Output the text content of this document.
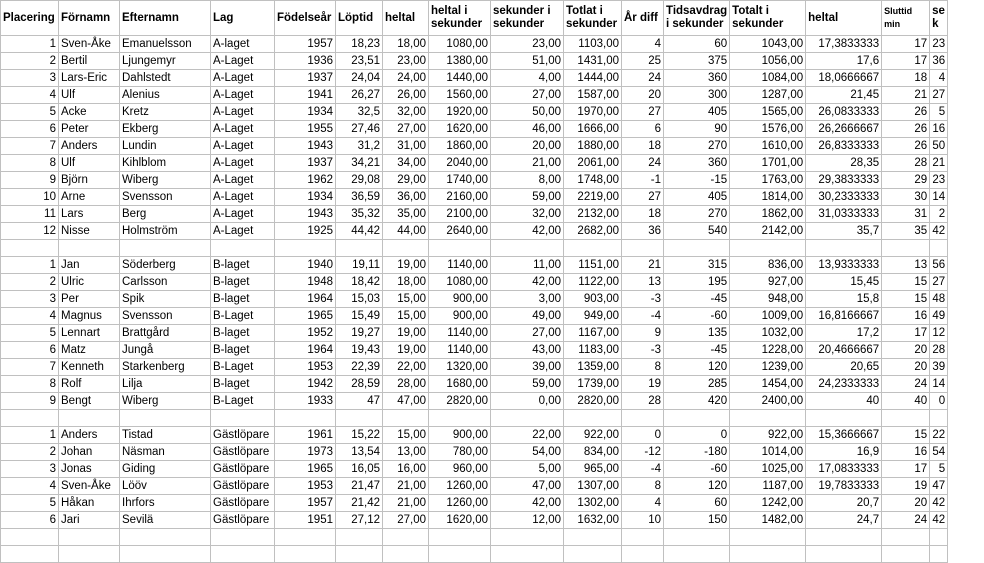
Placering	Förnamn	Efternamn	Lag	Födelseår	Löptid	heltal	heltal i sekunder	sekunder i sekunder	Totlat i sekunder	År diff	Tidsavdrag i sekunder	Totalt i sekunder	heltal	Sluttid min	se k
1	Sven-Åke	Emanuelsson	A-laget	1957	18,23	18,00	1080,00	23,00	1103,00	4	60	1043,00	17,3833333	17	23
2	Bertil	Ljungemyr	A-Laget	1936	23,51	23,00	1380,00	51,00	1431,00	25	375	1056,00	17,6	17	36
3	Lars-Eric	Dahlstedt	A-Laget	1937	24,04	24,00	1440,00	4,00	1444,00	24	360	1084,00	18,0666667	18	4
4	Ulf	Alenius	A-Laget	1941	26,27	26,00	1560,00	27,00	1587,00	20	300	1287,00	21,45	21	27
5	Acke	Kretz	A-Laget	1934	32,5	32,00	1920,00	50,00	1970,00	27	405	1565,00	26,0833333	26	5
6	Peter	Ekberg	A-Laget	1955	27,46	27,00	1620,00	46,00	1666,00	6	90	1576,00	26,2666667	26	16
7	Anders	Lundin	A-Laget	1943	31,2	31,00	1860,00	20,00	1880,00	18	270	1610,00	26,8333333	26	50
8	Ulf	Kihlblom	A-Laget	1937	34,21	34,00	2040,00	21,00	2061,00	24	360	1701,00	28,35	28	21
9	Björn	Wiberg	A-Laget	1962	29,08	29,00	1740,00	8,00	1748,00	-1	-15	1763,00	29,3833333	29	23
10	Arne	Svensson	A-Laget	1934	36,59	36,00	2160,00	59,00	2219,00	27	405	1814,00	30,2333333	30	14
11	Lars	Berg	A-Laget	1943	35,32	35,00	2100,00	32,00	2132,00	18	270	1862,00	31,0333333	31	2
12	Nisse	Holmström	A-Laget	1925	44,42	44,00	2640,00	42,00	2682,00	36	540	2142,00	35,7	35	42

1	Jan	Söderberg	B-laget	1940	19,11	19,00	1140,00	11,00	1151,00	21	315	836,00	13,9333333	13	56
2	Ulric	Carlsson	B-laget	1948	18,42	18,00	1080,00	42,00	1122,00	13	195	927,00	15,45	15	27
3	Per	Spik	B-laget	1964	15,03	15,00	900,00	3,00	903,00	-3	-45	948,00	15,8	15	48
4	Magnus	Svensson	B-Laget	1965	15,49	15,00	900,00	49,00	949,00	-4	-60	1009,00	16,8166667	16	49
5	Lennart	Brattgård	B-laget	1952	19,27	19,00	1140,00	27,00	1167,00	9	135	1032,00	17,2	17	12
6	Matz	Jungå	B-laget	1964	19,43	19,00	1140,00	43,00	1183,00	-3	-45	1228,00	20,4666667	20	28
7	Kenneth	Starkenberg	B-Laget	1953	22,39	22,00	1320,00	39,00	1359,00	8	120	1239,00	20,65	20	39
8	Rolf	Lilja	B-laget	1942	28,59	28,00	1680,00	59,00	1739,00	19	285	1454,00	24,2333333	24	14
9	Bengt	Wiberg	B-Laget	1933	47	47,00	2820,00	0,00	2820,00	28	420	2400,00	40	40	0

1	Anders	Tistad	Gästlöpare	1961	15,22	15,00	900,00	22,00	922,00	0	0	922,00	15,3666667	15	22
2	Johan	Näsman	Gästlöpare	1973	13,54	13,00	780,00	54,00	834,00	-12	-180	1014,00	16,9	16	54
3	Jonas	Giding	Gästlöpare	1965	16,05	16,00	960,00	5,00	965,00	-4	-60	1025,00	17,0833333	17	5
4	Sven-Åke	Lööv	Gästlöpare	1953	21,47	21,00	1260,00	47,00	1307,00	8	120	1187,00	19,7833333	19	47
5	Håkan	Ihrfors	Gästlöpare	1957	21,42	21,00	1260,00	42,00	1302,00	4	60	1242,00	20,7	20	42
6	Jari	Sevilä	Gästlöpare	1951	27,12	27,00	1620,00	12,00	1632,00	10	150	1482,00	24,7	24	42
